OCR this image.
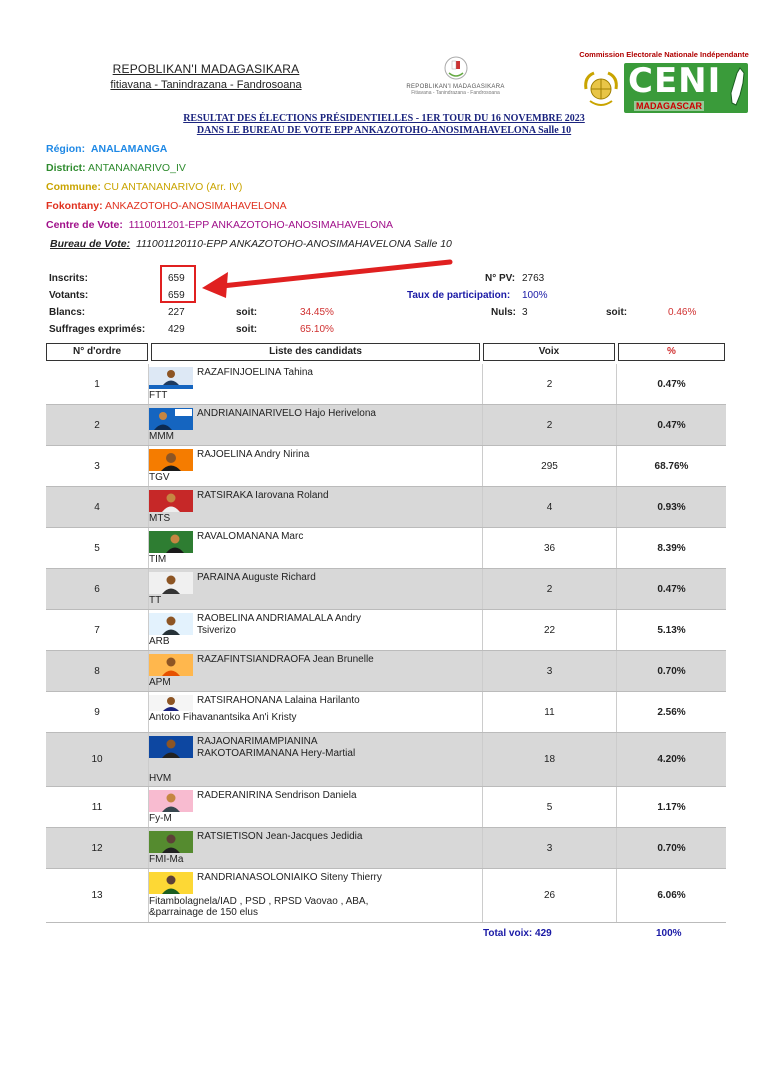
REPOBLIKAN'I MADAGASIKARA
fitiavana - Tanindrazana - Fandrosoana	REPOBLIKAN'I MADAGASIKARA
Fitiavana - Tanindrazana - Fandrosoana
Commission Electorale Nationale Indépendante
CENI
MADAGASCAR
RESULTAT DES ÉLECTIONS PRÉSIDENTIELLES - 1ER TOUR DU 16 NOVEMBRE 2023
DANS LE BUREAU DE VOTE EPP ANKAZOTOHO-ANOSIMAHAVELONA Salle 10
Région: ANALAMANGA
District: ANTANANARIVO_IV
Commune: CU ANTANANARIVO (Arr. IV)
Fokontany: ANKAZOTOHO-ANOSIMAHAVELONA
Centre de Vote: 1110011201-EPP ANKAZOTOHO-ANOSIMAHAVELONA
Bureau de Vote: 111001120110-EPP ANKAZOTOHO-ANOSIMAHAVELONA Salle 10
Inscrits:	659
Votants:	659
Blancs:	227	soit:	34.45%
Suffrages exprimés: 429	soit:	65.10%
N° PV: 2763
Taux de participation: 100%
Nuls: 3	soit:	0.46%
N° d'ordre	Liste des candidats	Voix	%
1
RAZAFINJOELINA Tahina
FTT
2	0.47%
2
ANDRIANAINARIVELO Hajo Herivelona
MMM
2	0.47%
3
RAJOELINA Andry Nirina
TGV
295	68.76%
4
RATSIRAKA Iarovana Roland
MTS
4	0.93%
5
RAVALOMANANA Marc
TIM
36	8.39%
6
PARAINA Auguste Richard
TT
2	0.47%
7
RAOBELINA ANDRIAMALALA Andry Tsiverizo
ARB
22	5.13%
8
RAZAFINTSIANDRAOFA Jean Brunelle
APM
3	0.70%
9
RATSIRAHONANA Lalaina Harilanto
Antoko Fihavanantsika An'i Kristy	11	2.56%
10
RAJAONARIMAMPIANINA RAKOTOARIMANANA Hery-Martial
HVM
18	4.20%
11
RADERANIRINA Sendrison Daniela
Fy-M
5	1.17%
12
RATSIETISON Jean-Jacques Jedidia
FMI-Ma
3	0.70%
13
RANDRIANASOLONIAIKO Siteny Thierry
Fitambolagnela/IAD , PSD , RPSD Vaovao , ABA, &parrainage de 150 elus
26	6.06%
Total voix: 429	100%
